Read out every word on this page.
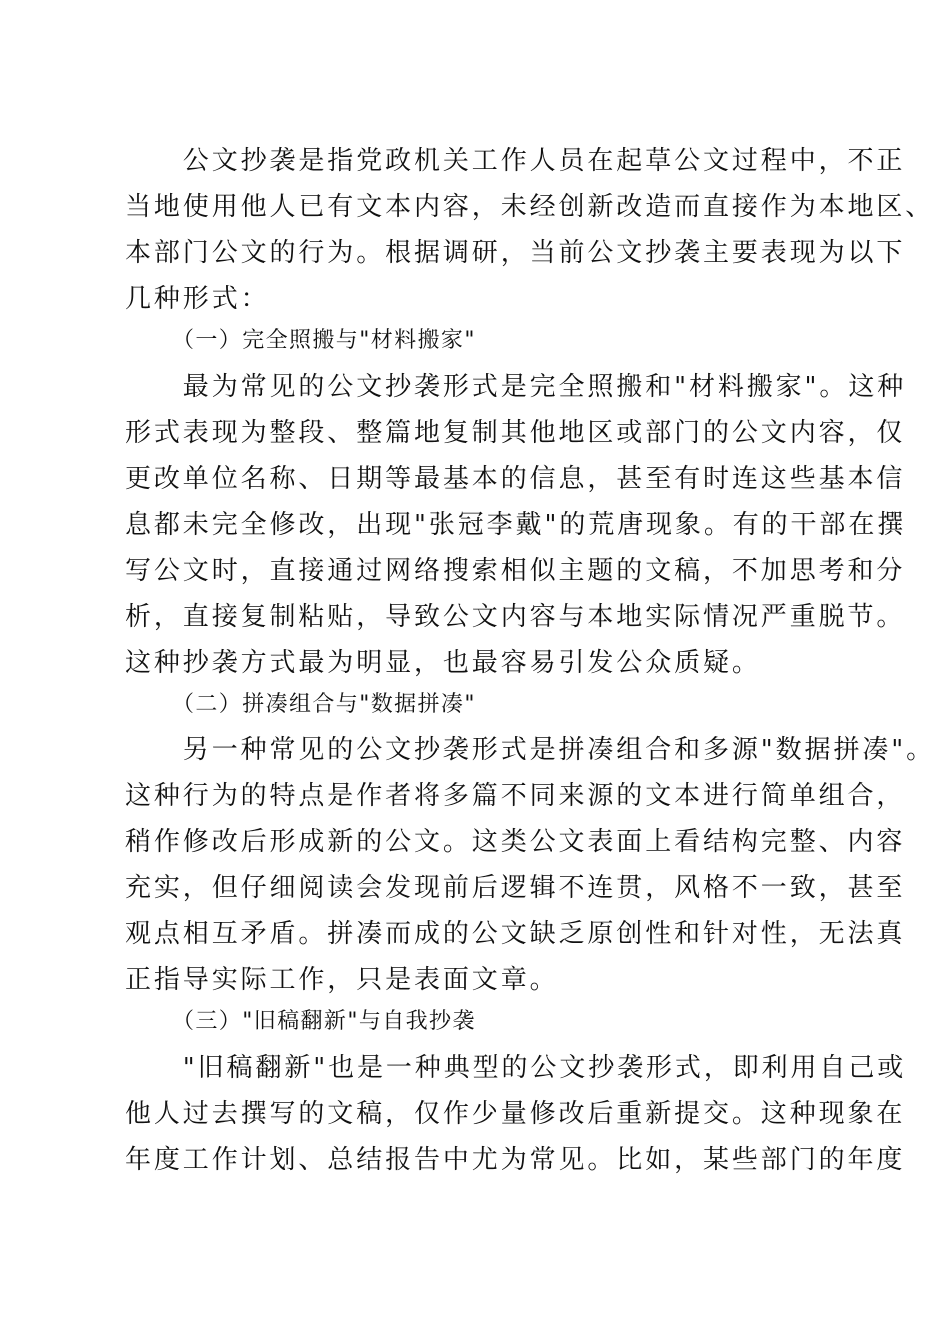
　　公文抄袭是指党政机关工作人员在起草公文过程中，不正
当地使用他人已有文本内容，未经创新改造而直接作为本地区、
本部门公文的行为。根据调研，当前公文抄袭主要表现为以下
几种形式：
（一）完全照搬与"材料搬家"
　　最为常见的公文抄袭形式是完全照搬和"材料搬家"。这种
形式表现为整段、整篇地复制其他地区或部门的公文内容，仅
更改单位名称、日期等最基本的信息，甚至有时连这些基本信
息都未完全修改，出现"张冠李戴"的荒唐现象。有的干部在撰
写公文时，直接通过网络搜索相似主题的文稿，不加思考和分
析，直接复制粘贴，导致公文内容与本地实际情况严重脱节。
这种抄袭方式最为明显，也最容易引发公众质疑。
（二）拼凑组合与"数据拼凑"
　　另一种常见的公文抄袭形式是拼凑组合和多源"数据拼凑"。
这种行为的特点是作者将多篇不同来源的文本进行简单组合，
稍作修改后形成新的公文。这类公文表面上看结构完整、内容
充实，但仔细阅读会发现前后逻辑不连贯，风格不一致，甚至
观点相互矛盾。拼凑而成的公文缺乏原创性和针对性，无法真
正指导实际工作，只是表面文章。
（三）"旧稿翻新"与自我抄袭
　　"旧稿翻新"也是一种典型的公文抄袭形式，即利用自己或
他人过去撰写的文稿，仅作少量修改后重新提交。这种现象在
年度工作计划、总结报告中尤为常见。比如，某些部门的年度
